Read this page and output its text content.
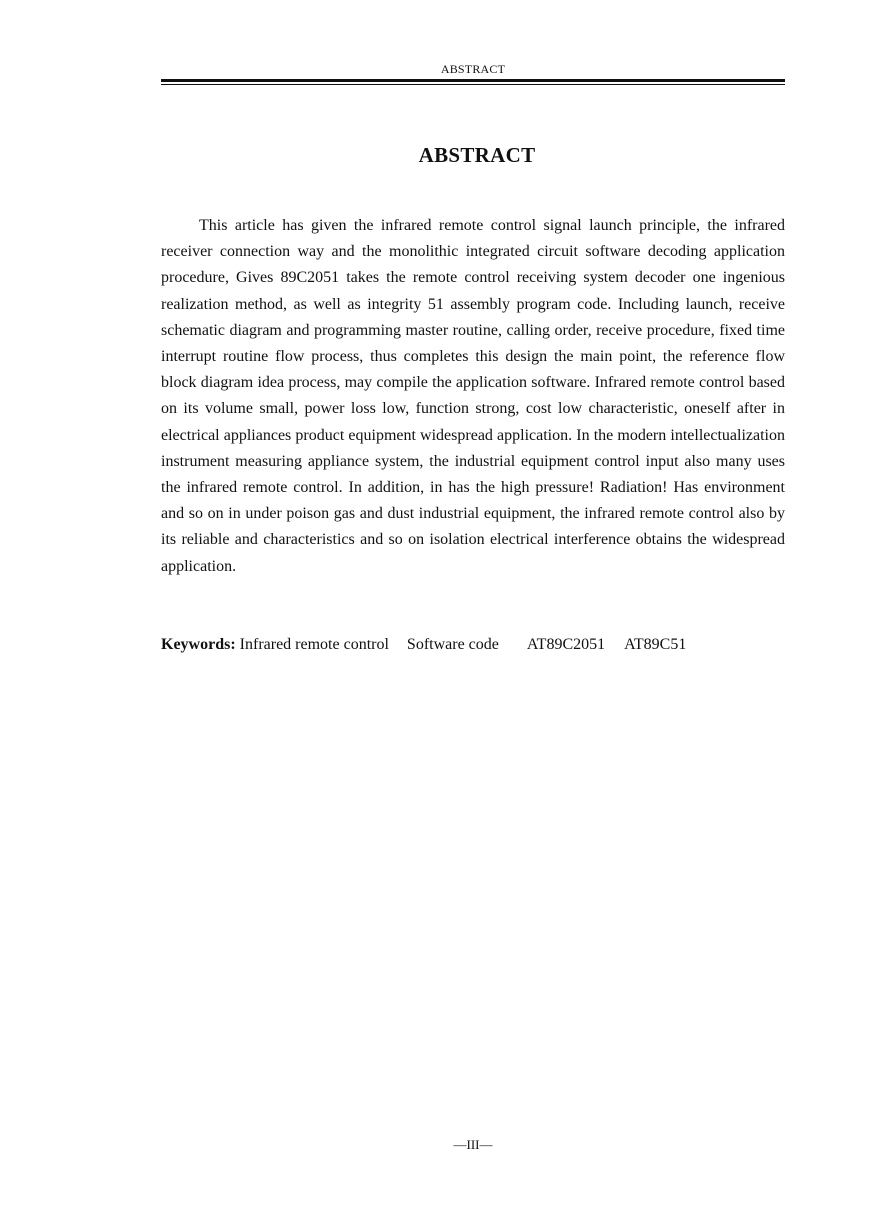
ABSTRACT
ABSTRACT

This article has given the infrared remote control signal launch principle, the infrared receiver connection way and the monolithic integrated circuit software decoding application procedure, Gives 89C2051 takes the remote control receiving system decoder one ingenious realization method, as well as integrity 51 assembly program code. Including launch, receive schematic diagram and programming master routine, calling order, receive procedure, fixed time interrupt routine flow process, thus completes this design the main point, the reference flow block diagram idea process, may compile the application software. Infrared remote control based on its volume small, power loss low, function strong, cost low characteristic, oneself after in electrical appliances product equipment widespread application. In the modern intellectualization instrument measuring appliance system, the industrial equipment control input also many uses the infrared remote control. In addition, in has the high pressure! Radiation! Has environment and so on in under poison gas and dust industrial equipment, the infrared remote control also by its reliable and characteristics and so on isolation electrical interference obtains the widespread application.

Keywords: Infrared remote control Software code AT89C2051 AT89C51
—III—
